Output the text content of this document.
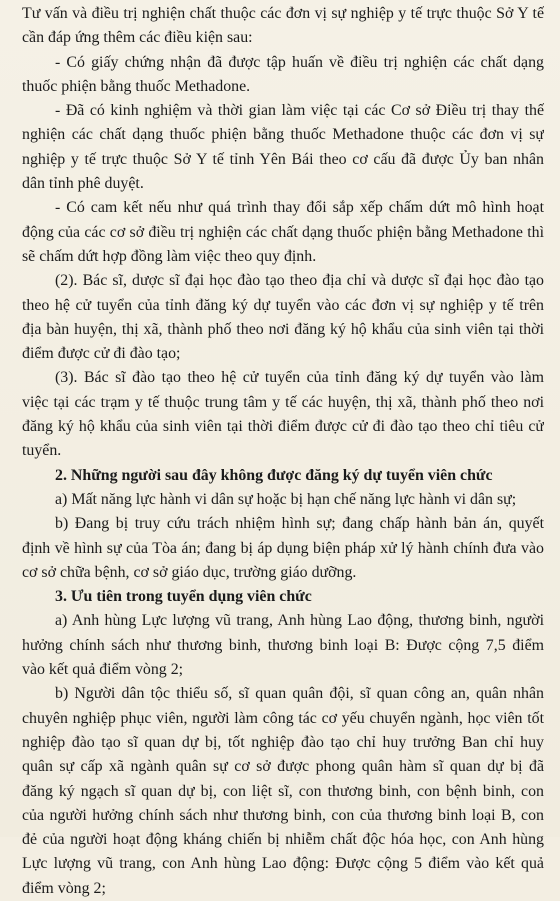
Tư vấn và điều trị nghiện chất thuộc các đơn vị sự nghiệp y tế trực thuộc Sở Y tế
cần đáp ứng thêm các điều kiện sau:
- Có giấy chứng nhận đã được tập huấn về điều trị nghiện các chất dạng
thuốc phiện bằng thuốc Methadone.
- Đã có kinh nghiệm và thời gian làm việc tại các Cơ sở Điều trị thay thế
nghiện các chất dạng thuốc phiện bằng thuốc Methadone thuộc các đơn vị sự
nghiệp y tế trực thuộc Sở Y tế tỉnh Yên Bái theo cơ cấu đã được Ủy ban nhân
dân tỉnh phê duyệt.
- Có cam kết nếu như quá trình thay đổi sắp xếp chấm dứt mô hình hoạt
động của các cơ sở điều trị nghiện các chất dạng thuốc phiện bằng Methadone thì
sẽ chấm dứt hợp đồng làm việc theo quy định.
(2). Bác sĩ, dược sĩ đại học đào tạo theo địa chỉ và dược sĩ đại học đào tạo
theo hệ cử tuyển của tỉnh đăng ký dự tuyển vào các đơn vị sự nghiệp y tế trên
địa bàn huyện, thị xã, thành phố theo nơi đăng ký hộ khẩu của sinh viên tại thời
điểm được cử đi đào tạo;
(3). Bác sĩ đào tạo theo hệ cử tuyển của tỉnh đăng ký dự tuyển vào làm
việc tại các trạm y tế thuộc trung tâm y tế các huyện, thị xã, thành phố theo nơi
đăng ký hộ khẩu của sinh viên tại thời điểm được cử đi đào tạo theo chỉ tiêu cử
tuyển.
2. Những người sau đây không được đăng ký dự tuyển viên chức
a) Mất năng lực hành vi dân sự hoặc bị hạn chế năng lực hành vi dân sự;
b) Đang bị truy cứu trách nhiệm hình sự; đang chấp hành bản án, quyết
định về hình sự của Tòa án; đang bị áp dụng biện pháp xử lý hành chính đưa vào
cơ sở chữa bệnh, cơ sở giáo dục, trường giáo dưỡng.
3. Ưu tiên trong tuyển dụng viên chức
a) Anh hùng Lực lượng vũ trang, Anh hùng Lao động, thương binh, người
hưởng chính sách như thương binh, thương binh loại B: Được cộng 7,5 điểm
vào kết quả điểm vòng 2;
b) Người dân tộc thiểu số, sĩ quan quân đội, sĩ quan công an, quân nhân
chuyên nghiệp phục viên, người làm công tác cơ yếu chuyển ngành, học viên tốt
nghiệp đào tạo sĩ quan dự bị, tốt nghiệp đào tạo chỉ huy trưởng Ban chỉ huy
quân sự cấp xã ngành quân sự cơ sở được phong quân hàm sĩ quan dự bị đã
đăng ký ngạch sĩ quan dự bị, con liệt sĩ, con thương binh, con bệnh binh, con
của người hưởng chính sách như thương binh, con của thương binh loại B, con
đẻ của người hoạt động kháng chiến bị nhiễm chất độc hóa học, con Anh hùng
Lực lượng vũ trang, con Anh hùng Lao động: Được cộng 5 điểm vào kết quả
điểm vòng 2;
